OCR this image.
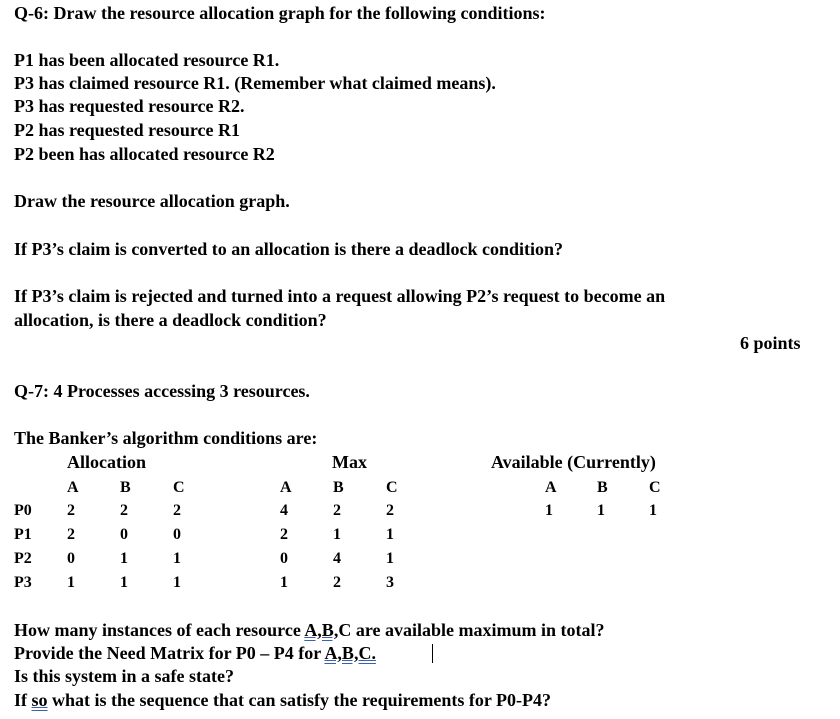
Q-6: Draw the resource allocation graph for the following conditions:
P1 has been allocated resource R1.
P3 has claimed resource R1. (Remember what claimed means).
P3 has requested resource R2.
P2 has requested resource R1
P2 been has allocated resource R2
Draw the resource allocation graph.
If P3’s claim is converted to an allocation is there a deadlock condition?
If P3’s claim is rejected and turned into a request allowing P2’s request to become an
allocation, is there a deadlock condition?
6 points
Q-7: 4 Processes accessing 3 resources.
The Banker’s algorithm conditions are:
Allocation	Max	Available (Currently)
A	B	C	A	B	C	A	B	C
P0 2	2	2	4	2	2	1	1	1
P1 2	0	0	2	1	1
P2 0	1	1	0	4	1
P3 1	1	1	1	2	3
How many instances of each resource A,B,C are available maximum in total?
Provide the Need Matrix for P0 – P4 for A,B,C.
Is this system in a safe state?
If so what is the sequence that can satisfy the requirements for P0-P4?
